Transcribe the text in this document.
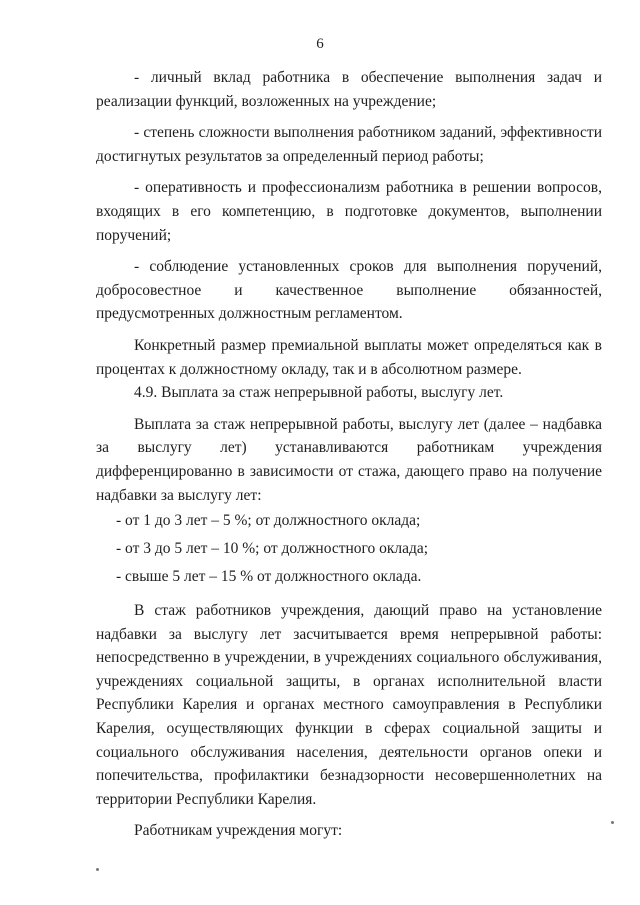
6

- личный вклад работника в обеспечение выполнения задач и реализации функций, возложенных на учреждение;

- степень сложности выполнения работником заданий, эффективности достигнутых результатов за определенный период работы;

- оперативность и профессионализм работника в решении вопросов, входящих в его компетенцию, в подготовке документов, выполнении поручений;

- соблюдение установленных сроков для выполнения поручений, добросовестное и качественное выполнение обязанностей, предусмотренных должностным регламентом.

Конкретный размер премиальной выплаты может определяться как в процентах к должностному окладу, так и в абсолютном размере.

4.9. Выплата за стаж непрерывной работы, выслугу лет.

Выплата за стаж непрерывной работы, выслугу лет (далее – надбавка за выслугу лет) устанавливаются работникам учреждения дифференцированно в зависимости от стажа, дающего право на получение надбавки за выслугу лет:

- от 1 до 3 лет – 5 %; от должностного оклада;

- от 3 до 5 лет – 10 %; от должностного оклада;

- свыше 5 лет – 15 % от должностного оклада.

В стаж работников учреждения, дающий право на установление надбавки за выслугу лет засчитывается время непрерывной работы: непосредственно в учреждении, в учреждениях социального обслуживания, учреждениях социальной защиты, в органах исполнительной власти Республики Карелия и органах местного самоуправления в Республики Карелия, осуществляющих функции в сферах социальной защиты и социального обслуживания населения, деятельности органов опеки и попечительства, профилактики безнадзорности несовершеннолетних на территории Республики Карелия.

Работникам учреждения могут:
